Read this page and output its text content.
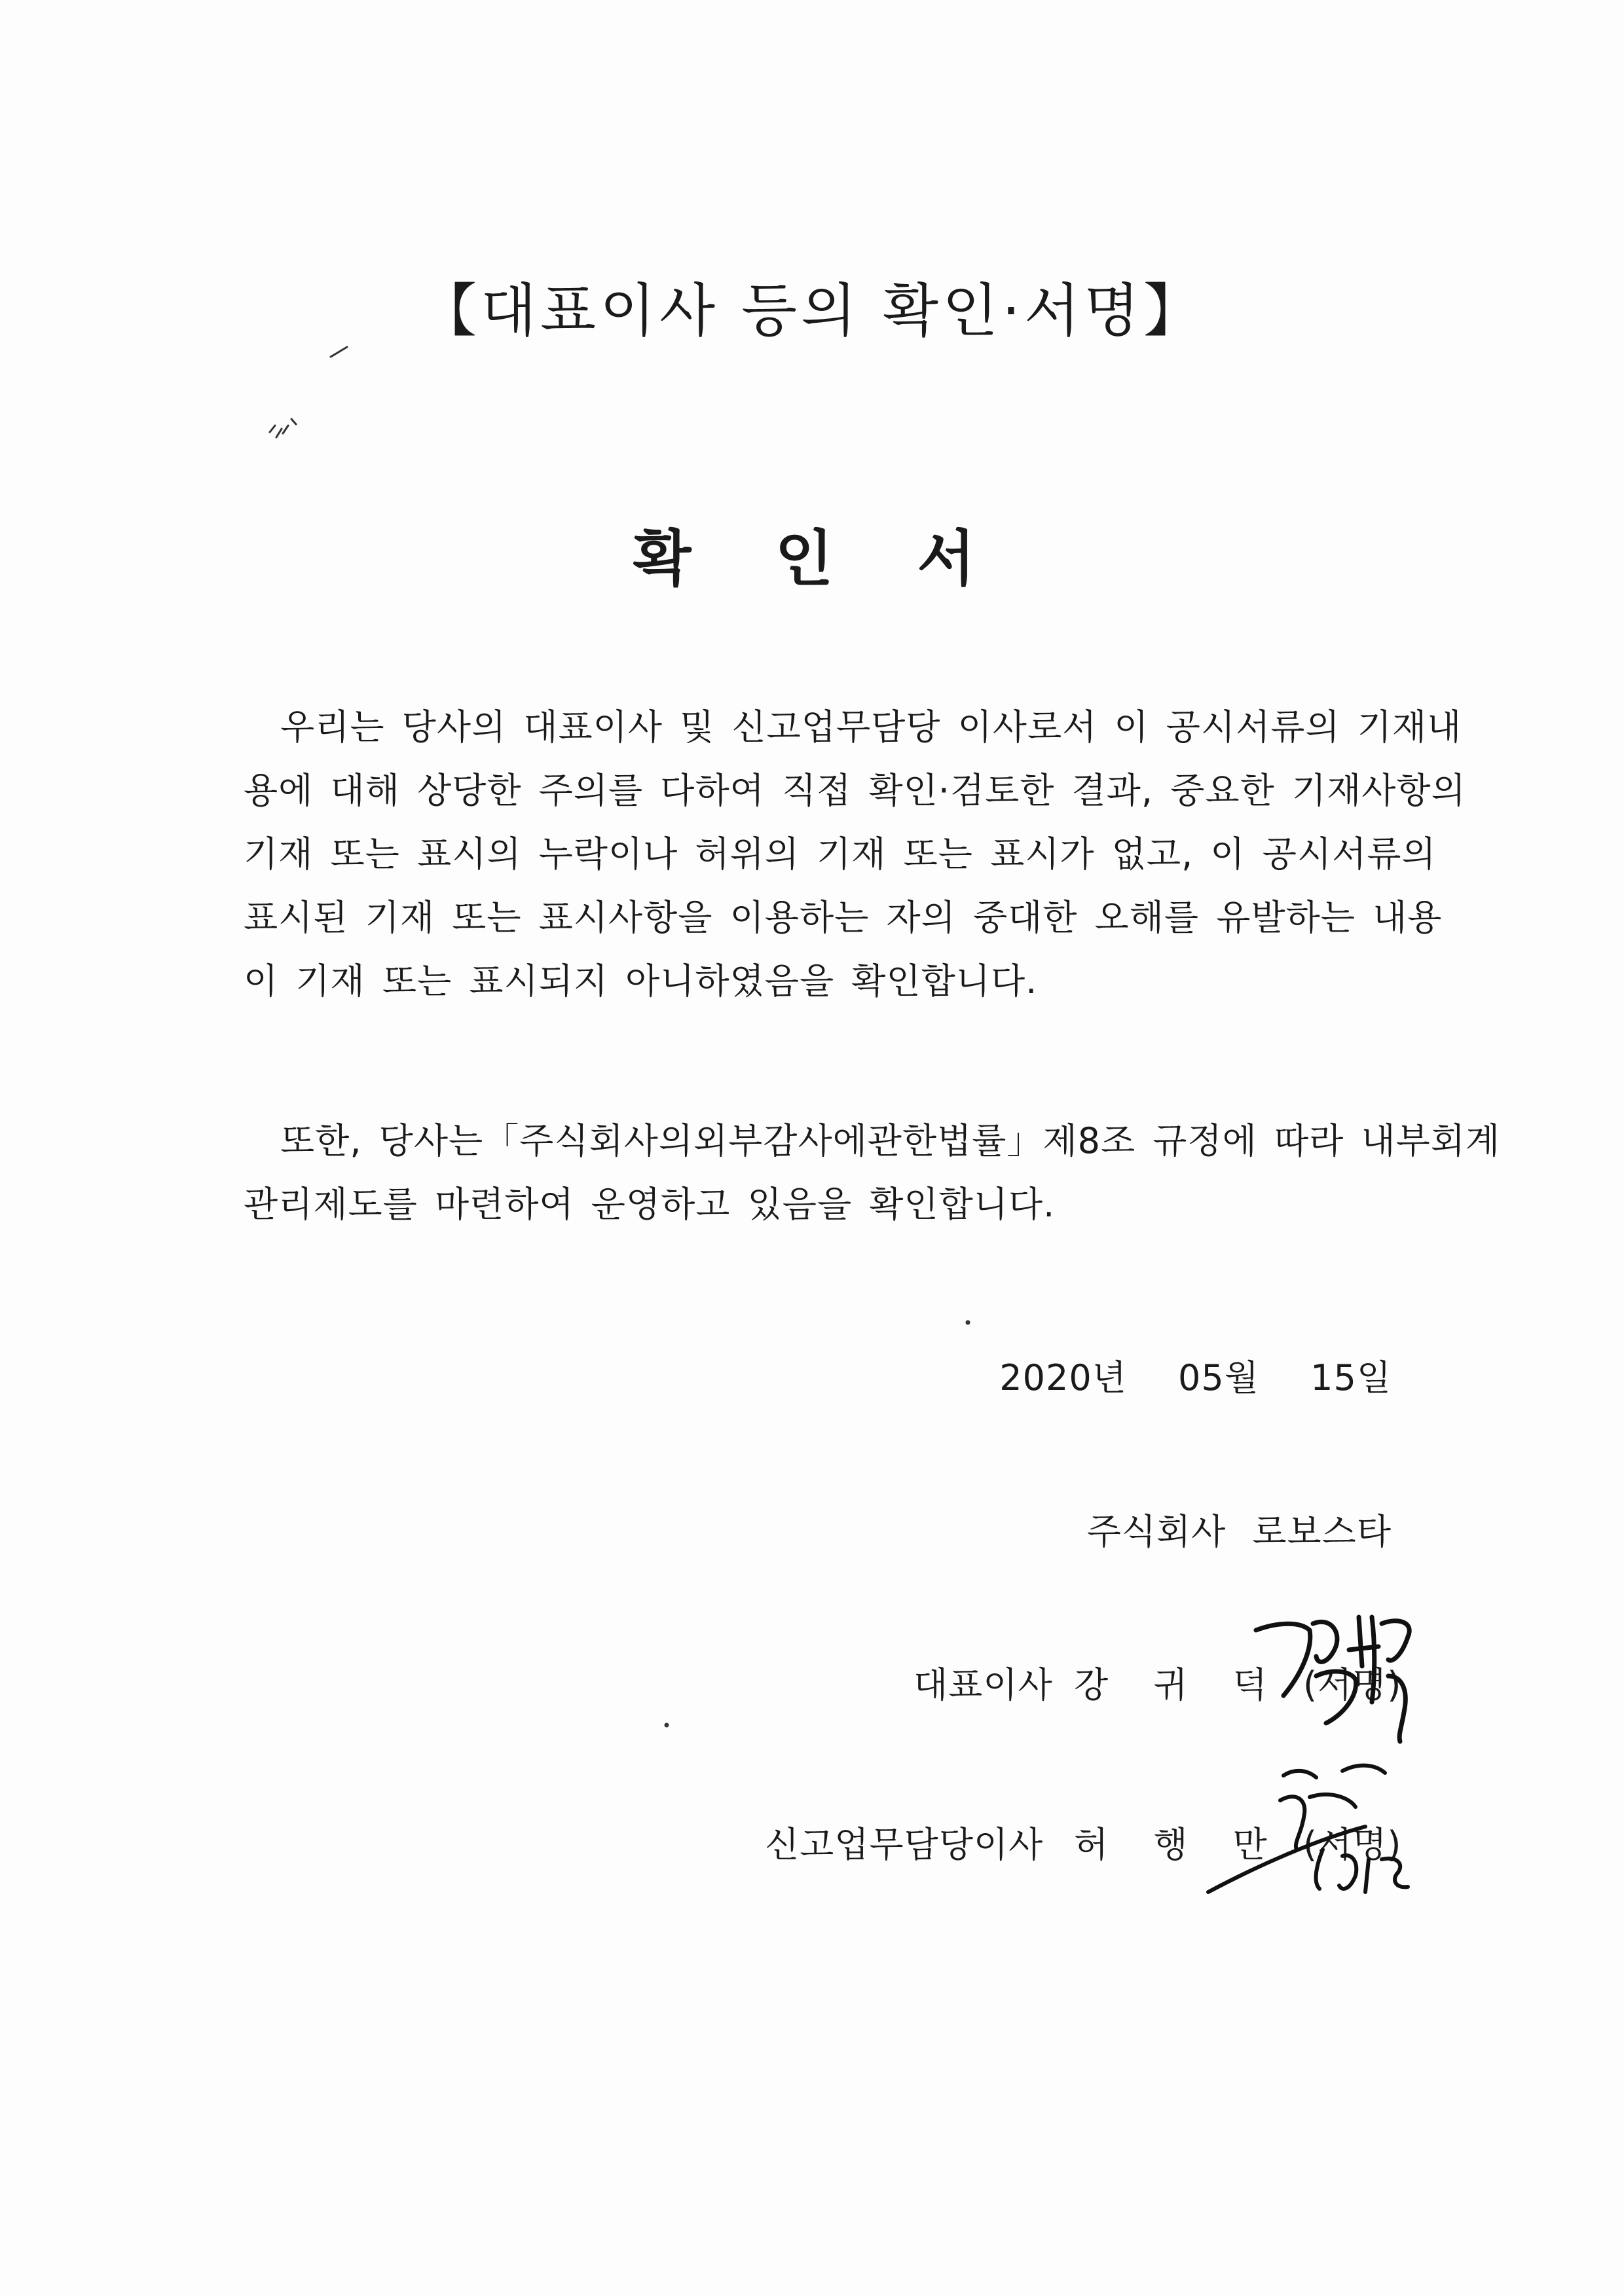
【대표이사 등의 확인·서명】
확 인 서
우리는 당사의 대표이사 및 신고업무담당 이사로서 이 공시서류의 기재내
용에 대해 상당한 주의를 다하여 직접 확인·검토한 결과, 중요한 기재사항의
기재 또는 표시의 누락이나 허위의 기재 또는 표시가 없고, 이 공시서류의
표시된 기재 또는 표시사항을 이용하는 자의 중대한 오해를 유발하는 내용
이 기재 또는 표시되지 아니하였음을 확인합니다.
또한, 당사는「주식회사의외부감사에관한법률」제8조 규정에 따라 내부회계
관리제도를 마련하여 운영하고 있음을 확인합니다.
2020년 05월 15일
주식회사 로보스타
대표이사 강 귀 덕 (서명)
신고업무담당이사 허 행 만 (서명)
